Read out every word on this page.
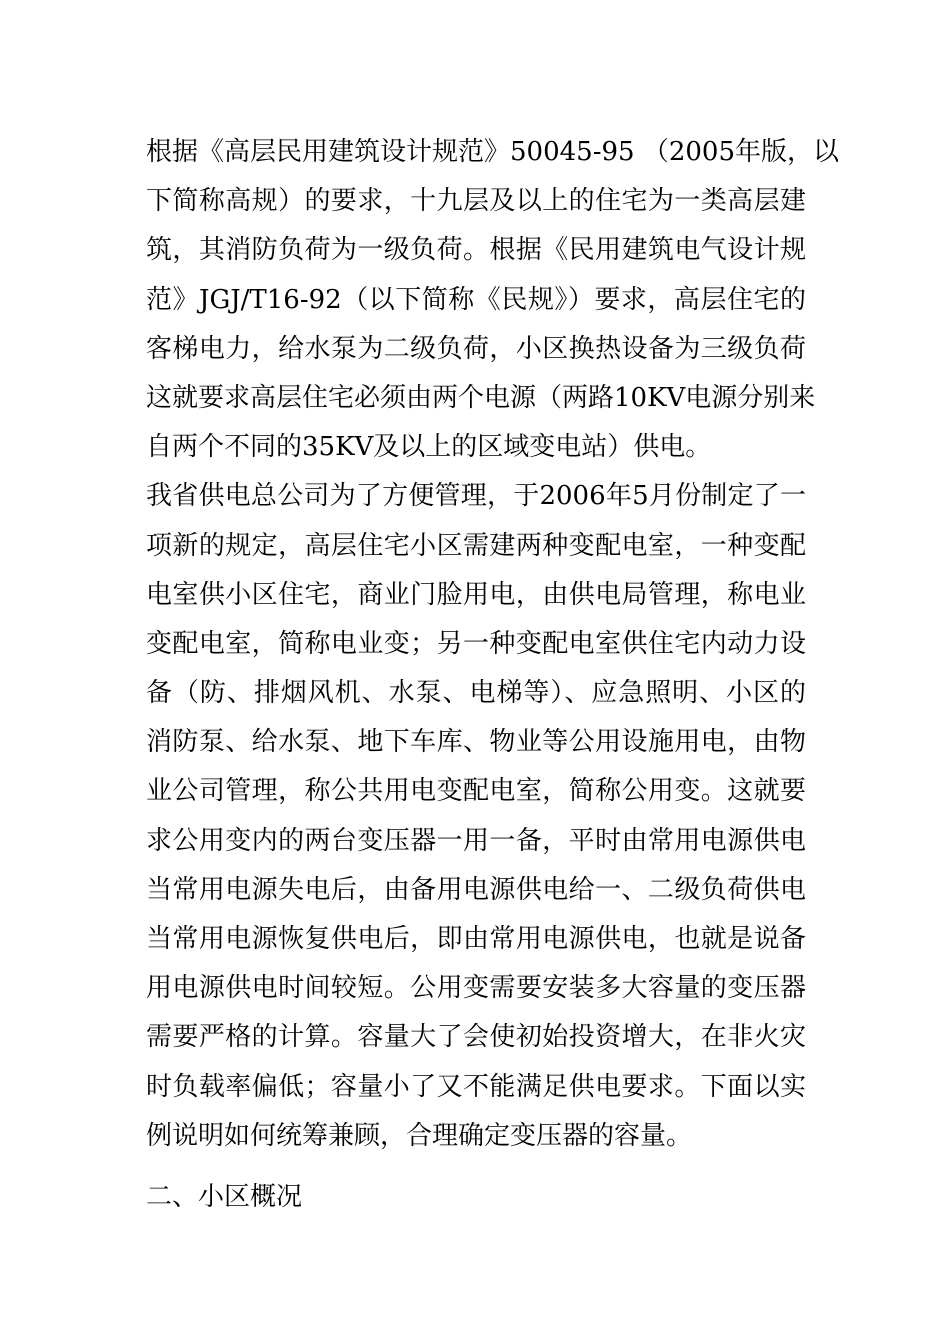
根据《高层民用建筑设计规范》50045-95 （2005年版，以
下简称高规）的要求，十九层及以上的住宅为一类高层建
筑，其消防负荷为一级负荷。根据《民用建筑电气设计规
范》JGJ/T16-92（以下简称《民规》）要求，高层住宅的
客梯电力，给水泵为二级负荷，小区换热设备为三级负荷
这就要求高层住宅必须由两个电源（两路10KV电源分别来
自两个不同的35KV及以上的区域变电站）供电。
我省供电总公司为了方便管理，于2006年5月份制定了一
项新的规定，高层住宅小区需建两种变配电室，一种变配
电室供小区住宅，商业门脸用电，由供电局管理，称电业
变配电室，简称电业变；另一种变配电室供住宅内动力设
备（防、排烟风机、水泵、电梯等）、应急照明、小区的
消防泵、给水泵、地下车库、物业等公用设施用电，由物
业公司管理，称公共用电变配电室，简称公用变。这就要
求公用变内的两台变压器一用一备，平时由常用电源供电
当常用电源失电后，由备用电源供电给一、二级负荷供电
当常用电源恢复供电后，即由常用电源供电，也就是说备
用电源供电时间较短。公用变需要安装多大容量的变压器
需要严格的计算。容量大了会使初始投资增大，在非火灾
时负载率偏低；容量小了又不能满足供电要求。下面以实
例说明如何统筹兼顾，合理确定变压器的容量。
二、小区概况
